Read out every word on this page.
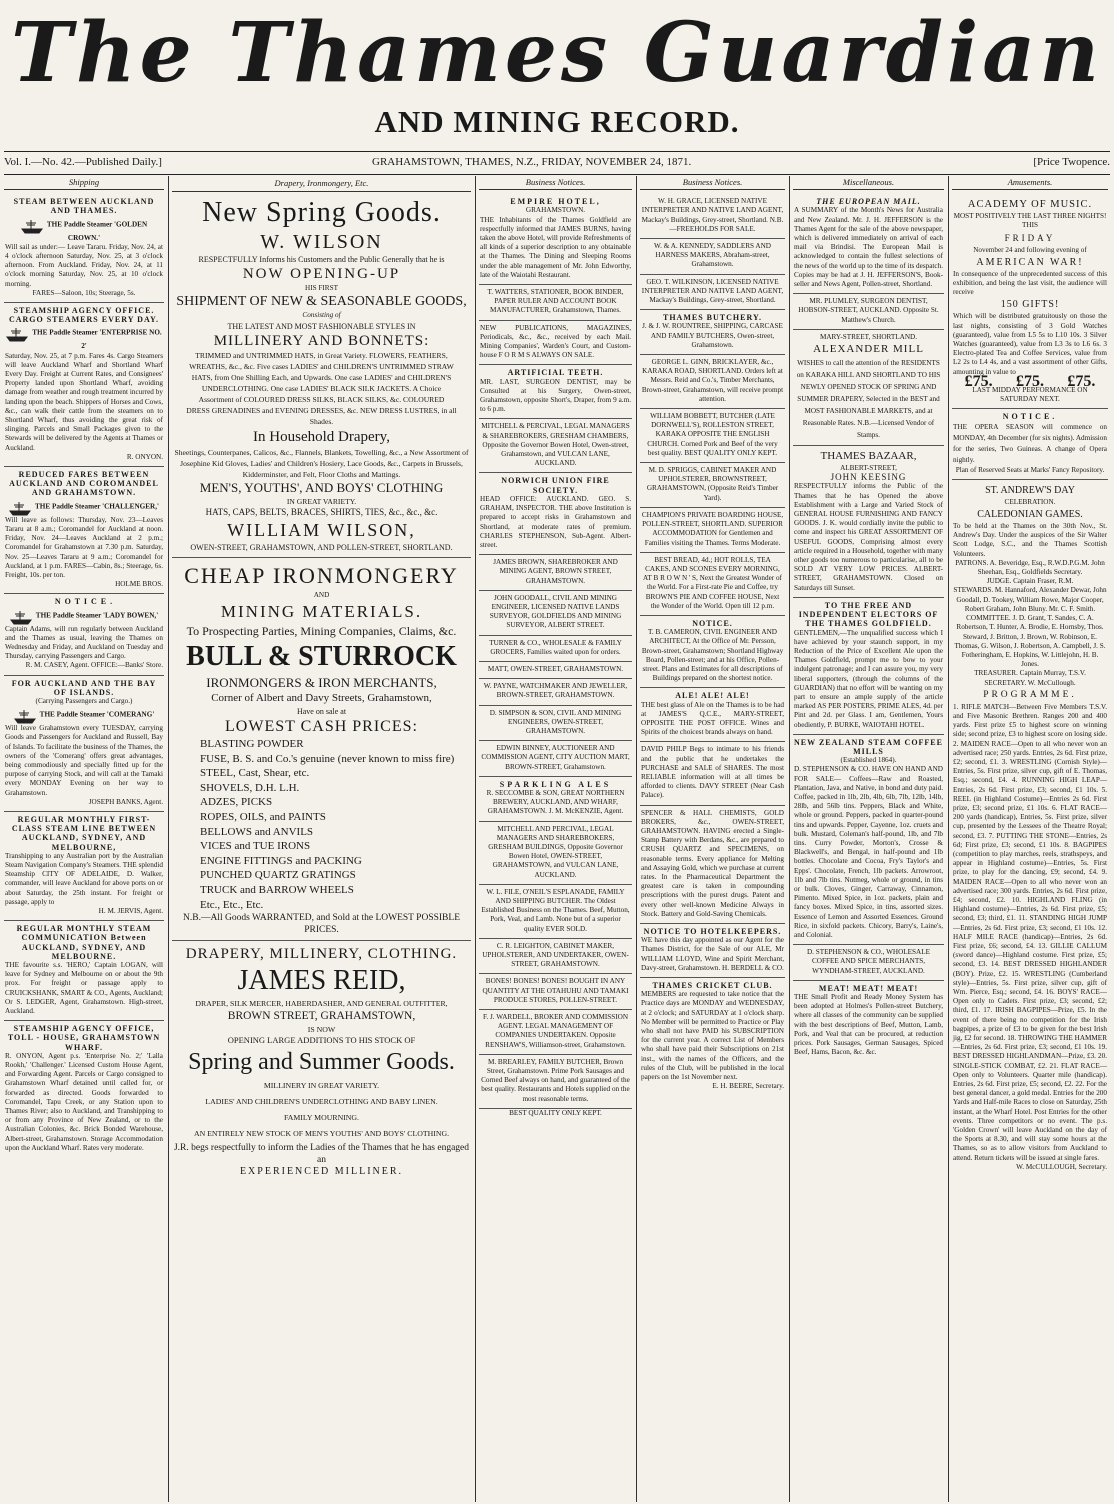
The Thames Guardian
AND MINING RECORD.
Vol. I.—No. 42.—Published Daily.]	GRAHAMSTOWN, THAMES, N.Z., FRIDAY, NOVEMBER 24, 1871.	[Price Twopence.
Shipping
STEAM BETWEEN AUCKLAND AND THAMES.
THE Paddle Steamer 'GOLDEN CROWN.'
Will sail as under:— Leave Tararu. Friday, Nov. 24, at 4 o'clock afternoon Saturday, Nov. 25, at 3 o'clock afternoon. From Auckland. Friday, Nov. 24, at 11 o'clock morning Saturday, Nov. 25, at 10 o'clock morning.
FARES—Saloon, 10s; Steerage, 5s.
STEAMSHIP AGENCY OFFICE.
CARGO STEAMERS EVERY DAY.
THE Paddle Steamer 'ENTERPRISE NO. 2'
Saturday, Nov. 25, at 7 p.m. Fares 4s. Cargo Steamers will leave Auckland Wharf and Shortland Wharf Every Day. Freight at Current Rates, and Consignees' Property landed upon Shortland Wharf, avoiding damage from weather and rough treatment incurred by landing upon the beach. Shippers of Horses and Cows, &c., can walk their cattle from the steamers on to Shortland Wharf, thus avoiding the great risk of slinging. Parcels and Small Packages given to the Stewards will be delivered by the Agents at Thames or Auckland.
R. ONYON.
REDUCED FARES BETWEEN AUCKLAND AND COROMANDEL AND GRAHAMSTOWN.
THE Paddle Steamer 'CHALLENGER,'
Will leave as follows: Thursday, Nov. 23—Leaves Tararu at 8 a.m.; Coromandel for Auckland at noon. Friday, Nov. 24—Leaves Auckland at 2 p.m.; Coromandel for Grahamstown at 7.30 p.m. Saturday, Nov. 25—Leaves Tararu at 9 a.m.; Coromandel for Auckland, at 1 p.m. FARES—Cabin, 8s.; Steerage, 6s. Freight, 10s. per ton.
HOLME BROS.
N O T I C E .
THE Paddle Steamer 'LADY BOWEN,'
Captain Adams, will run regularly between Auckland and the Thames as usual, leaving the Thames on Wednesday and Friday, and Auckland on Tuesday and Thursday, carrying Passengers and Cargo.
R. M. CASEY, Agent. OFFICE:—Banks' Store.
FOR AUCKLAND AND THE BAY OF ISLANDS.
(Carrying Passengers and Cargo.)
THE Paddle Steamer 'COMERANG'
Will leave Grahamstown every TUESDAY, carrying Goods and Passengers for Auckland and Russell, Bay of Islands. To facilitate the business of the Thames, the owners of the 'Comerang' offers great advantages, being commodiously and specially fitted up for the purpose of carrying Stock, and will call at the Tamaki every MONDAY Evening on her way to Grahamstown.
JOSEPH BANKS, Agent.
REGULAR MONTHLY FIRST-CLASS STEAM LINE BETWEEN AUCKLAND, SYDNEY, AND MELBOURNE,
Transhipping to any Australian port by the Australian Steam Navigation Company's Steamers. THE splendid Steamship CITY OF ADELAIDE, D. Walker, commander, will leave Auckland for above ports on or about Saturday, the 25th instant. For freight or passage, apply to
H. M. JERVIS, Agent.
REGULAR MONTHLY STEAM COMMUNICATION Between AUCKLAND, SYDNEY, AND MELBOURNE.
THE favourite s.s. 'HERO,' Captain LOGAN, will leave for Sydney and Melbourne on or about the 9th prox. For freight or passage apply to CRUICKSHANK, SMART & CO., Agents, Auckland; Or S. LEDGER, Agent, Grahamstown. High-street, Auckland.
STEAMSHIP AGENCY OFFICE, TOLL - HOUSE, GRAHAMSTOWN WHARF.
R. ONYON, Agent p.s. 'Enterprise No. 2;' 'Lalla Rookh,' 'Challenger.' Licensed Custom House Agent, and Forwarding Agent. Parcels or Cargo consigned to Grahamstown Wharf detained until called for, or forwarded as directed. Goods forwarded to Coromandel, Tapu Creek, or any Station upon to Thames River; also to Auckland, and Transhipping to or from any Province of New Zealand, or to the Australian Colonies, &c. Brick Bonded Warehouse, Albert-street, Grahamstown. Storage Accommodation upon the Auckland Wharf. Rates very moderate.
Drapery, Ironmongery, Etc.
New Spring Goods.
W. WILSON
RESPECTFULLY Informs his Customers and the Public Generally that he is
NOW OPENING-UP
HIS FIRST
SHIPMENT OF NEW & SEASONABLE GOODS,
Consisting of
THE LATEST AND MOST FASHIONABLE STYLES IN
MILLINERY AND BONNETS:
TRIMMED and UNTRIMMED HATS, in Great Variety. FLOWERS, FEATHERS, WREATHS, &c., &c. Five cases LADIES' and CHILDREN'S UNTRIMMED STRAW HATS, from One Shilling Each, and Upwards. One case LADIES' and CHILDREN'S UNDERCLOTHING. One case LADIES' BLACK SILK JACKETS. A Choice Assortment of COLOURED DRESS SILKS, BLACK SILKS, &c. COLOURED DRESS GRENADINES and EVENING DRESSES, &c. NEW DRESS LUSTRES, in all Shades.
In Household Drapery,
Sheetings, Counterpanes, Calicos, &c., Flannels, Blankets, Towelling, &c., a New Assortment of Josephine Kid Gloves, Ladies' and Children's Hosiery, Lace Goods, &c., Carpets in Brussels, Kidderminster, and Felt, Floor Cloths and Mattings.
MEN'S, YOUTHS', AND BOYS' CLOTHING
IN GREAT VARIETY.
HATS, CAPS, BELTS, BRACES, SHIRTS, TIES, &c., &c., &c.
WILLIAM WILSON,
OWEN-STREET, GRAHAMSTOWN, AND POLLEN-STREET, SHORTLAND.
CHEAP IRONMONGERY
AND
MINING MATERIALS.
To Prospecting Parties, Mining Companies, Claims, &c.
BULL & STURROCK
IRONMONGERS & IRON MERCHANTS,
Corner of Albert and Davy Streets, Grahamstown,
Have on sale at
LOWEST CASH PRICES:
BLASTING POWDER
FUSE, B. S. and Co.'s genuine (never known to miss fire)
STEEL, Cast, Shear, etc.
SHOVELS, D.H. L.H.
ADZES, PICKS
ROPES, OILS, and PAINTS
BELLOWS and ANVILS
VICES and TUE IRONS
ENGINE FITTINGS and PACKING
PUNCHED QUARTZ GRATINGS
TRUCK and BARROW WHEELS
Etc., Etc., Etc.
N.B.—All Goods WARRANTED, and Sold at the LOWEST POSSIBLE PRICES.
DRAPERY, MILLINERY, CLOTHING.
JAMES REID,
DRAPER, SILK MERCER, HABERDASHER, AND GENERAL OUTFITTER,
BROWN STREET, GRAHAMSTOWN,
IS NOW
OPENING LARGE ADDITIONS TO HIS STOCK OF
Spring and Summer Goods.
MILLINERY IN GREAT VARIETY.
LADIES' AND CHILDREN'S UNDERCLOTHING AND BABY LINEN.
FAMILY MOURNING.
AN ENTIRELY NEW STOCK OF MEN'S YOUTHS' AND BOYS' CLOTHING.
J.R. begs respectfully to inform the Ladies of the Thames that he has engaged an
EXPERIENCED MILLINER.
Business Notices.
EMPIRE HOTEL,
GRAHAMSTOWN.
THE Inhabitants of the Thames Goldfield are respectfully informed that JAMES BURNS, having taken the above Hotel, will provide Refreshments of all kinds of a superior description to any obtainable at the Thames. The Dining and Sleeping Rooms under the able management of Mr. John Edworthy, late of the Waiotahi Restaurant.
T. WATTERS, STATIONER, BOOK BINDER, PAPER RULER AND ACCOUNT BOOK MANUFACTURER, Grahamstown, Thames.
NEW PUBLICATIONS, MAGAZINES, Periodicals, &c., &c., received by each Mail. Mining Companies', Warden's Court, and Custom-house F O R M S ALWAYS ON SALE.
ARTIFICIAL TEETH.
MR. LAST, SURGEON DENTIST, may be Consulted at his Surgery, Owen-street, Grahamstown, opposite Short's, Draper, from 9 a.m. to 6 p.m.
MITCHELL & PERCIVAL, LEGAL MANAGERS & SHAREBROKERS, GRESHAM CHAMBERS, Opposite the Governor Bowen Hotel, Owen-street, Grahamstown, and VULCAN LANE, AUCKLAND.
NORWICH UNION FIRE SOCIETY.
HEAD OFFICE: AUCKLAND. GEO. S. GRAHAM, INSPECTOR. THE above Institution is prepared to accept risks in Grahamstown and Shortland, at moderate rates of premium. CHARLES STEPHENSON, Sub-Agent. Albert-street.
JAMES BROWN, SHAREBROKER AND MINING AGENT, BROWN STREET, GRAHAMSTOWN.
JOHN GOODALL, CIVIL AND MINING ENGINEER, LICENSED NATIVE LANDS SURVEYOR, GOLDFIELDS AND MINING SURVEYOR, ALBERT STREET.
TURNER & CO., WHOLESALE & FAMILY GROCERS, Families waited upon for orders.
MATT, OWEN-STREET, GRAHAMSTOWN.
W. PAYNE, WATCHMAKER AND JEWELLER, BROWN-STREET, GRAHAMSTOWN.
D. SIMPSON & SON, CIVIL AND MINING ENGINEERS, OWEN-STREET, GRAHAMSTOWN.
EDWIN BINNEY, AUCTIONEER AND COMMISSION AGENT, CITY AUCTION MART, BROWN-STREET, Grahamstown.
SPARKLING ALES
R. SECCOMBE & SON, GREAT NORTHERN BREWERY, AUCKLAND, AND WHARF, GRAHAMSTOWN. J. M. McKENZIE, Agent.
MITCHELL AND PERCIVAL, LEGAL MANAGERS AND SHAREBROKERS, GRESHAM BUILDINGS, Opposite Governor Bowen Hotel, OWEN-STREET, GRAHAMSTOWN, and VULCAN LANE, AUCKLAND.
W. L. FILE, O'NEIL'S ESPLANADE, FAMILY AND SHIPPING BUTCHER. The Oldest Established Business on the Thames. Beef, Mutton, Pork, Veal, and Lamb. None but of a superior quality EVER SOLD.
C. R. LEIGHTON, CABINET MAKER, UPHOLSTERER, AND UNDERTAKER, OWEN-STREET, GRAHAMSTOWN.
BONES! BONES! BONES! BOUGHT IN ANY QUANTITY AT THE OTAHUHU AND TAMAKI PRODUCE STORES, POLLEN-STREET.
F. J. WARDELL, BROKER AND COMMISSION AGENT. LEGAL MANAGEMENT OF COMPANIES UNDERTAKEN. Opposite RENSHAW'S, Williamson-street, Grahamstown.
M. BREARLEY, FAMILY BUTCHER, Brown Street, Grahamstown. Prime Pork Sausages and Corned Beef always on hand, and guaranteed of the best quality. Restaurants and Hotels supplied on the most reasonable terms.
BEST QUALITY ONLY KEPT.
Business Notices.
W. H. GRACE, LICENSED NATIVE INTERPRETER AND NATIVE LAND AGENT, Mackay's Buildings, Grey-street, Shortland. N.B.—FREEHOLDS FOR SALE.
W. & A. KENNEDY, SADDLERS AND HARNESS MAKERS, Abraham-street, Grahamstown.
GEO. T. WILKINSON, LICENSED NATIVE INTERPRETER AND NATIVE LAND AGENT, Mackay's Buildings, Grey-street, Shortland.
THAMES BUTCHERY.
J. & J. W. ROUNTREE, SHIPPING, CARCASE AND FAMILY BUTCHERS, Owen-street, Grahamstown.
GEORGE L. GINN, BRICKLAYER, &c., KARAKA ROAD, SHORTLAND. Orders left at Messrs. Reid and Co.'s, Timber Merchants, Brown-street, Grahamstown, will receive prompt attention.
WILLIAM BOBBETT, BUTCHER (LATE DORNWELL'S), ROLLESTON STREET, KARAKA OPPOSITE THE ENGLISH CHURCH. Corned Pork and Beef of the very best quality. BEST QUALITY ONLY KEPT.
M. D. SPRIGGS, CABINET MAKER AND UPHOLSTERER, BROWNSTREET, GRAHAMSTOWN, (Opposite Reid's Timber Yard).
CHAMPION'S PRIVATE BOARDING HOUSE, POLLEN-STREET, SHORTLAND. SUPERIOR ACCOMMODATION for Gentlemen and Families visiting the Thames. Terms Moderate.
BEST BREAD, 4d.; HOT ROLLS, TEA CAKES, AND SCONES EVERY MORNING, AT B R O W N ' S, Next the Greatest Wonder of the World. For a First-rate Pie and Coffee, try BROWN'S PIE AND COFFEE HOUSE, Next the Wonder of the World. Open till 12 p.m.
NOTICE.
T. B. CAMERON, CIVIL ENGINEER AND ARCHITECT, At the Office of Mr. Persson, Brown-street, Grahamstown; Shortland Highway Board, Pollen-street; and at his Office, Pollen-street. Plans and Estimates for all descriptions of Buildings prepared on the shortest notice.
ALE! ALE! ALE!
THE best glass of Ale on the Thames is to be had at JAMES'S Q.C.E., MARY-STREET, OPPOSITE THE POST OFFICE. Wines and Spirits of the choicest brands always on hand.
DAVID PHILP Begs to intimate to his friends and the public that he undertakes the PURCHASE and SALE of SHARES. The most RELIABLE information will at all times be afforded to clients. DAVY STREET (Near Cash Palace).
SPENCER & HALL CHEMISTS, GOLD BROKERS, &c., OWEN-STREET, GRAHAMSTOWN. HAVING erected a Single-Stamp Battery with Berdans, &c., are prepared to CRUSH QUARTZ and SPECIMENS, on reasonable terms. Every appliance for Melting and Assaying Gold, which we purchase at current rates. In the Pharmaceutical Department the greatest care is taken in compounding prescriptions with the purest drugs. Patent and every other well-known Medicine Always in Stock. Battery and Gold-Saving Chemicals.
NOTICE TO HOTELKEEPERS.
WE have this day appointed as our Agent for the Thames District, for the Sale of our ALE, Mr WILLIAM LLOYD, Wine and Spirit Merchant, Davy-street, Grahamstown. H. BERDELL & CO.
THAMES CRICKET CLUB.
MEMBERS are requested to take notice that the Practice days are MONDAY and WEDNESDAY, at 2 o'clock; and SATURDAY at 1 o'clock sharp. No Member will be permitted to Practice or Play who shall not have PAID his SUBSCRIPTION for the current year. A correct List of Members who shall have paid their Subscriptions on 21st inst., with the names of the Officers, and the rules of the Club, will be published in the local papers on the 1st November next.
E. H. BEERE, Secretary.
Miscellaneous.
THE EUROPEAN MAIL.
A SUMMARY of the Month's News for Australia and New Zealand. Mr. J. H. JEFFERSON is the Thames Agent for the sale of the above newspaper, which is delivered immediately on arrival of each mail via Brindisi. The European Mail is acknowledged to contain the fullest selections of the news of the world up to the time of its despatch. Copies may be had at J. H. JEFFERSON'S, Book-seller and News Agent, Pollen-street, Shortland.
MR. PLUMLEY, SURGEON DENTIST, HOBSON-STREET, AUCKLAND. Opposite St. Matthew's Church.
MARY-STREET, SHORTLAND.
ALEXANDER MILL
WISHES to call the attention of the RESIDENTS on KARAKA HILL AND SHORTLAND TO HIS NEWLY OPENED STOCK OF SPRING AND SUMMER DRAPERY, Selected in the BEST and MOST FASHIONABLE MARKETS, and at Reasonable Rates. N.B.—Licensed Vendor of Stamps.
THAMES BAZAAR,
ALBERT-STREET,
JOHN KEESING
RESPECTFULLY informs the Public of the Thames that he has Opened the above Establishment with a Large and Varied Stock of GENERAL HOUSE FURNISHING AND FANCY GOODS. J. K. would cordially invite the public to come and inspect his GREAT ASSORTMENT OF USEFUL GOODS, Comprising almost every article required in a Household, together with many other goods too numerous to particularise, all to be SOLD AT VERY LOW PRICES. ALBERT-STREET, GRAHAMSTOWN. Closed on Saturdays till Sunset.
TO THE FREE AND INDEPENDENT ELECTORS OF THE THAMES GOLDFIELD.
GENTLEMEN,—The unqualified success which I have achieved by your staunch support, in my Reduction of the Price of Excellent Ale upon the Thames Goldfield, prompt me to bow to your indulgent patronage; and I can assure you, my very liberal supporters, (through the columns of the GUARDIAN) that no effort will be wanting on my part to ensure an ample supply of the article marked AS PER POSTERS, PRIME ALES, 4d. per Pint and 2d. per Glass. I am, Gentlemen, Yours obediently, P. BURKE, WAIOTAHI HOTEL.
NEW ZEALAND STEAM COFFEE MILLS
(Established 1864).
D. STEPHENSON & CO. HAVE ON HAND AND FOR SALE— Coffees—Raw and Roasted, Plantation, Java, and Native, in bond and duty paid. Coffee, packed in 1lb, 2lb, 4lb, 6lb, 7lb, 12lb, 14lb, 28lb, and 56lb tins. Peppers, Black and White, whole or ground. Peppers, packed in quarter-pound tins and upwards. Pepper, Cayenne, 1oz. cruets and bulk. Mustard, Coleman's half-pound, 1lb, and 7lb tins. Curry Powder, Morton's, Crosse & Blackwell's, and Bengal, in half-pound and 1lb bottles. Chocolate and Cocoa, Fry's Taylor's and Epps'. Chocolate, French, 1lb packets. Arrowroot, 1lb and 7lb tins. Nutmeg, whole or ground, in tins or bulk. Cloves, Ginger, Carraway, Cinnamon, Pimento. Mixed Spice, in 1oz. packets, plain and fancy boxes. Mixed Spice, in tins, assorted sizes. Essence of Lemon and Assorted Essences. Ground Rice, in sixfold packets. Chicory, Barry's, Laine's, and Colonial.
D. STEPHENSON & CO., WHOLESALE COFFEE AND SPICE MERCHANTS, WYNDHAM-STREET, AUCKLAND.
MEAT! MEAT! MEAT!
THE Small Profit and Ready Money System has been adopted at Holmes's Pollen-street Butchery, where all classes of the community can be supplied with the best descriptions of Beef, Mutton, Lamb, Pork, and Veal that can be procured, at reduction prices. Pork Sausages, German Sausages, Spiced Beef, Hams, Bacon, &c. &c.
Amusements.
ACADEMY OF MUSIC.
MOST POSITIVELY THE LAST THREE NIGHTS!
THIS
FRIDAY
November 24 and following evening of
AMERICAN WAR!
In consequence of the unprecedented success of this exhibition, and being the last visit, the audience will receive
150 GIFTS!
Which will be distributed gratuitously on those the last nights, consisting of 3 Gold Watches (guaranteed), value from L5 5s to L10 10s. 3 Silver Watches (guaranteed), value from L3 3s to L6 6s. 3 Electro-plated Tea and Coffee Services, value from L2 2s to L4 4s, and a vast assortment of other Gifts, amounting in value to
£75. £75. £75.
LAST MIDDAY PERFORMANCE ON SATURDAY NEXT.
NOTICE.
THE OPERA SEASON will commence on MONDAY, 4th December (for six nights). Admission for the series, Two Guineas. A change of Opera nightly.
Plan of Reserved Seats at Marks' Fancy Repository.
ST. ANDREW'S DAY
CELEBRATION.
CALEDONIAN GAMES.
To be held at the Thames on the 30th Nov., St. Andrew's Day. Under the auspices of the Sir Walter Scott Lodge, S.C., and the Thames Scottish Volunteers.
PATRONS. A. Beveridge, Esq., R.W.D.P.G.M. John Sheehan, Esq., Goldfields Secretary.
JUDGE. Captain Fraser, R.M.
STEWARDS. M. Hannaford, Alexander Dewar, John Goodall, D. Tookey, William Rowe, Major Cooper, Robert Graham, John Bluny. Mr. C. F. Smith.
COMMITTEE. J. D. Grant, T. Sandes, C. A. Robertson, T. Hunter, A. Brodie, E. Hornsby, Thos. Steward, J. Britton, J. Brown, W. Robinson, E. Thomas, G. Wilson, J. Robertson, A. Campbell, J. S. Fotheringham, E. Hopkins, W. Littlejohn, H. B. Jones.
TREASURER. Captain Murray, T.S.V.
SECRETARY. W. McCullough.
PROGRAMME.
1. RIFLE MATCH—Between Five Members T.S.V. and Five Masonic Brethren. Ranges 200 and 400 yards. First prize £5 to highest score on winning side; second prize, £3 to highest score on losing side. 2. MAIDEN RACE—Open to all who never won an advertised race; 250 yards. Entries, 2s 6d. First prize, £2; second, £1. 3. WRESTLING (Cornish Style)—Entries, 5s. First prize, silver cup, gift of E. Thomas, Esq.; second, £4. 4. RUNNING HIGH LEAP—Entries, 2s 6d. First prize, £3; second, £1 10s. 5. REEL (in Highland Costume)—Entries 2s 6d. First prize, £3; second prize, £1 10s. 6. FLAT RACE—200 yards (handicap), Entries, 5s. First prize, silver cup, presented by the Lessees of the Theatre Royal; second, £3. 7. PUTTING THE STONE—Entries, 2s 6d; First prize, £3; second, £1 10s. 8. BAGPIPES (competition to play marches, reels, strathspeys, and appear in Highland costume)—Entries, 5s. First prize, to play for the dancing, £9; second, £4. 9. MAIDEN RACE—Open to all who never won an advertised race; 300 yards. Entries, 2s 6d. First prize, £4; second, £2. 10. HIGHLAND FLING (in Highland costume)—Entries, 2s 6d. First prize, £5; second, £3; third, £1. 11. STANDING HIGH JUMP—Entries, 2s 6d. First prize, £3; second, £1 10s. 12. HALF MILE RACE (handicap)—Entries, 2s 6d. First prize, £6; second, £4. 13. GILLIE CALLUM (sword dance)—Highland costume. First prize, £5; second, £3. 14. BEST DRESSED HIGHLANDER (BOY). Prize, £2. 15. WRESTLING (Cumberland style)—Entries, 5s. First prize, silver cup, gift of Wm. Pierce, Esq.; second, £4. 16. BOYS' RACE—Open only to Cadets. First prize, £3; second, £2; third, £1. 17. IRISH BAGPIPES—Prize, £5. In the event of there being no competition for the Irish bagpipes, a prize of £3 to be given for the best Irish jig, £2 for second. 18. THROWING THE HAMMER—Entries, 2s 6d. First prize, £3; second, £1 10s. 19. BEST DRESSED HIGHLANDMAN—Prize, £3. 20. SINGLE-STICK COMBAT, £2. 21. FLAT RACE—Open only to Volunteers. Quarter mile (handicap). Entries, 2s 6d. First prize, £5; second, £2. 22. For the best general dancer, a gold medal. Entries for the 200 Yards and Half-mile Races to close on Saturday, 25th instant, at the Wharf Hotel. Post Entries for the other events. Three competitors or no event. The p.s. 'Golden Crown' will leave Auckland on the day of the Sports at 8.30, and will stay some hours at the Thames, so as to allow visitors from Auckland to attend. Return tickets will be issued at single fares.
W. McCULLOUGH, Secretary.
